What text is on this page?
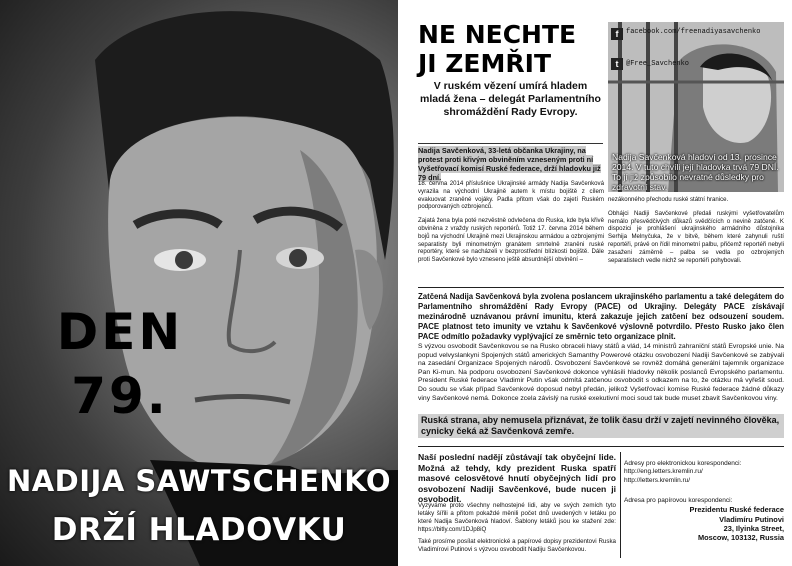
DEN
79.
NADIJA SAWTSCHENKO
DRŽÍ HLADOVKU
NE NECHTE
JI ZEMŘIT
V ruském vězení umírá hladem mladá žena – delegát Parlamentního shromáždění Rady Evropy.
f	facebook.com/freenadiyasavchenko
t	@Free_Savchenko
Nadija Savčenková hladoví od 13. prosince 2014. V tuto chvíli její hladovka trvá 79 DNÍ. To jí již způsobilo nevratné důsledky pro zdravotní stav.
Nadija Savčenková, 33-letá občanka Ukrajiny, na protest proti křivým obviněním vzneseným proti ní Vyšetřovací komisí Ruské federace, drží hladovku již 79 dní.

18. června 2014 příslušnice Ukrajinské armády Nadija Savčenková vyrazila na východní Ukrajině autem k místu bojiště z cílem evakuovat zraněné vojáky. Padla přitom však do zajetí Ruském podporovaných ozbrojenců.

Zajatá žena byla poté nezvěstně odvlečena do Ruska, kde byla křivě obviněna z vraždy ruských reportérů. Totiž 17. června 2014 během bojů na východní Ukrajině mezi Ukrajinskou armádou a ozbrojenými separatisty byli minometným granátem smrtelně zraněni ruské reportéry, které se nacházeli v bezprostřední blízkosti bojiště. Dále proti Savčenkové bylo vzneseno ještě absurdnější obvinění –

nezákonného přechodu ruské státní hranice.

Obhájci Nadiji Savčenkové předali ruskými vyšetřovatelům nemálo přesvědčivých důkazů svědčících o nevině zatčené. K dispozici je prohlášení ukrajinského armádního důstojníka Serhija Melnyčuka, že v bitvě, během které zahynuli ruští reportéři, právě on řídil minometní palbu, přičemž reportéři nebyli zasaženi záměrně – palba se vedla po ozbrojených separatistech vedle nichž se reportéři pohybovali.

Zatčená Nadija Savčenková byla zvolena poslancem ukrajinského parlamentu a také delegátem do Parlamentního shromáždění Rady Evropy (PACE) od Ukrajiny. Delegáty PACE získávají mezinárodně uznávanou právní imunitu, která zakazuje jejich zatčení bez odsouzení soudem. PACE platnost teto imunity ve vztahu k Savčenkové výslovně potvrdilo. Přesto Rusko jako člen PACE odmítlo požadavky vyplývající ze směrnic teto organizace plnit.
S výzvou osvobodit Savčenkovou se na Rusko obraceli hlavy států a vlád, 14 ministrů zahraniční států Evropské unie. Na popud velvyslankyni Spojených států amerických Samanthy Powerové otázku osvobození Nadiji Savčenkové se zabývali na zasedání Organizace Spojených národů. Osvobození Savčenkové se rovněž domáhá generální tajemník organizace Pan Ki-mun. Na podporu osvobození Savčenkové dokonce vyhlásili hladovky několik poslanců Evropského parlamentu. President Ruské federace Vladimir Putin však odmítá zatčenou osvobodit s odkazem na to, že otázku má vyřešit soud. Do soudu se však případ Savčenkové doposud nebyl předán, jelikož Vyšetřovací komise Ruské federace žádné důkazy viny Savčenkové nemá. Dokonce zcela závislý na ruské exekutivní moci soud tak bude muset zbavit Savčenkovou viny.
Ruská strana, aby nemusela přiznávat, že tolik času drží v zajetí nevinného člověka, cynicky čeká až Savčenková zemře.
Naší poslední nadějí zůstávají tak obyčejní lide. Možná až tehdy, kdy prezident Ruska spatří masové celosvětové hnutí obyčejných lidí pro osvobození Nadiji Savčenkové, bude nucen ji osvobodit.

Vyzýváme proto všechny nelhostejné lidi, aby ve svých zemích tyto letáky šířili a přitom pokaždé měnili počet dnů uvedených v letáku po které Nadija Savčenková hladoví. Šablony letáků jsou ke stažení zde: https://bitly.com/1DJp8iQ

Také prosíme posílat elektronické a papírové dopisy prezidentovi Ruska Vladimírovi Putinovi s výzvou osvobodit Nadiju Savčenkovou.

Adresy pro elektronickou korespondenci:
http://eng.letters.kremlin.ru/
http://letters.kremlin.ru/
Adresa pro papírovou korespondenci:
Prezidentu Ruské federace
Vladimíru Putinovi
23, Ilyinka Street,
Moscow, 103132, Russia
